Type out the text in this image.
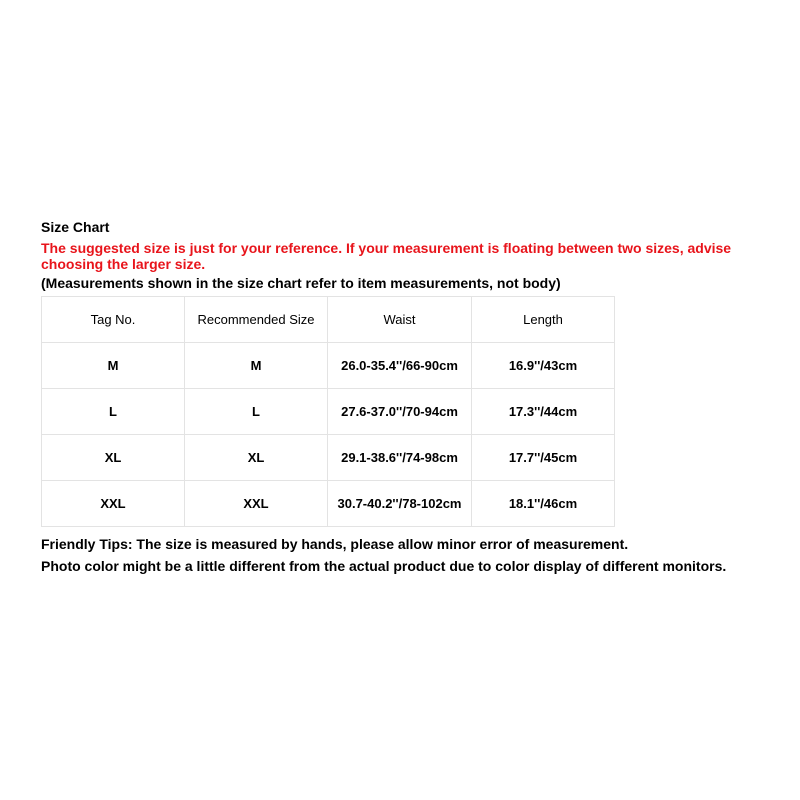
Size Chart
The suggested size is just for your reference. If your measurement is floating between two sizes, advise choosing the larger size.
(Measurements shown in the size chart refer to item measurements, not body)
Tag No.	Recommended Size	Waist	Length
M	M	26.0-35.4''/66-90cm	16.9''/43cm
L	L	27.6-37.0''/70-94cm	17.3''/44cm
XL	XL	29.1-38.6''/74-98cm	17.7''/45cm
XXL	XXL	30.7-40.2''/78-102cm	18.1''/46cm
Friendly Tips: The size is measured by hands, please allow minor error of measurement.
Photo color might be a little different from the actual product due to color display of different monitors.
